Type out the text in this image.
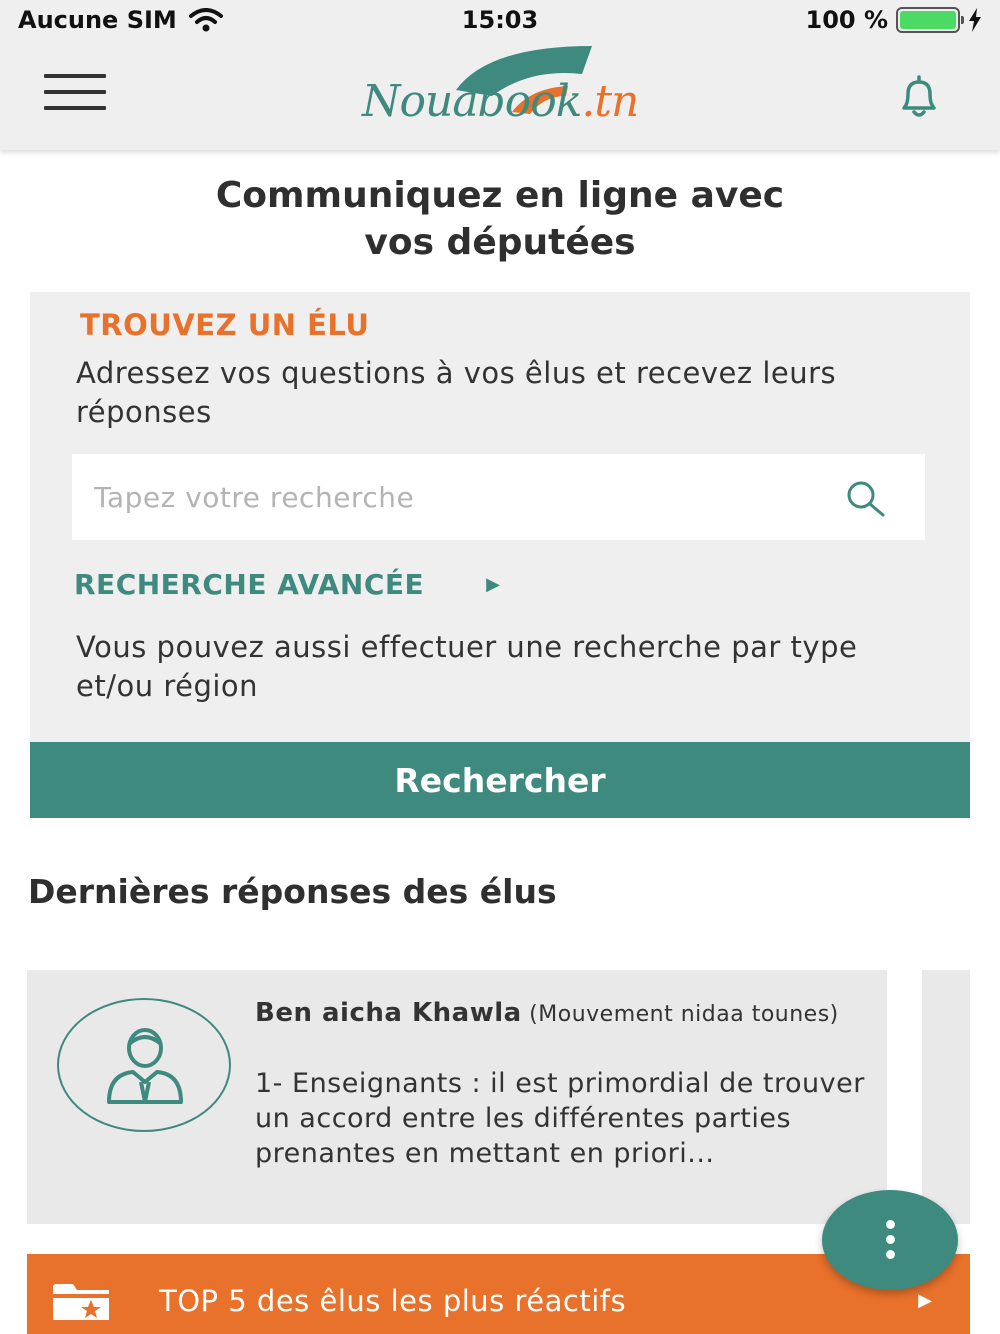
Aucune SIM	15:03	100 %
Nouabook.tn
Communiquez en ligne avec
vos députées
TROUVEZ UN ÉLU
Adressez vos questions à vos êlus et recevez leurs réponses
Tapez votre recherche
RECHERCHE AVANCÉE	▶
Vous pouvez aussi effectuer une recherche par type et/ou région
Rechercher
Dernières réponses des élus
Ben aicha Khawla (Mouvement nidaa tounes)
1- Enseignants : il est primordial de trouver un accord entre les différentes parties prenantes en mettant en priori...
TOP 5 des êlus les plus réactifs	▶
